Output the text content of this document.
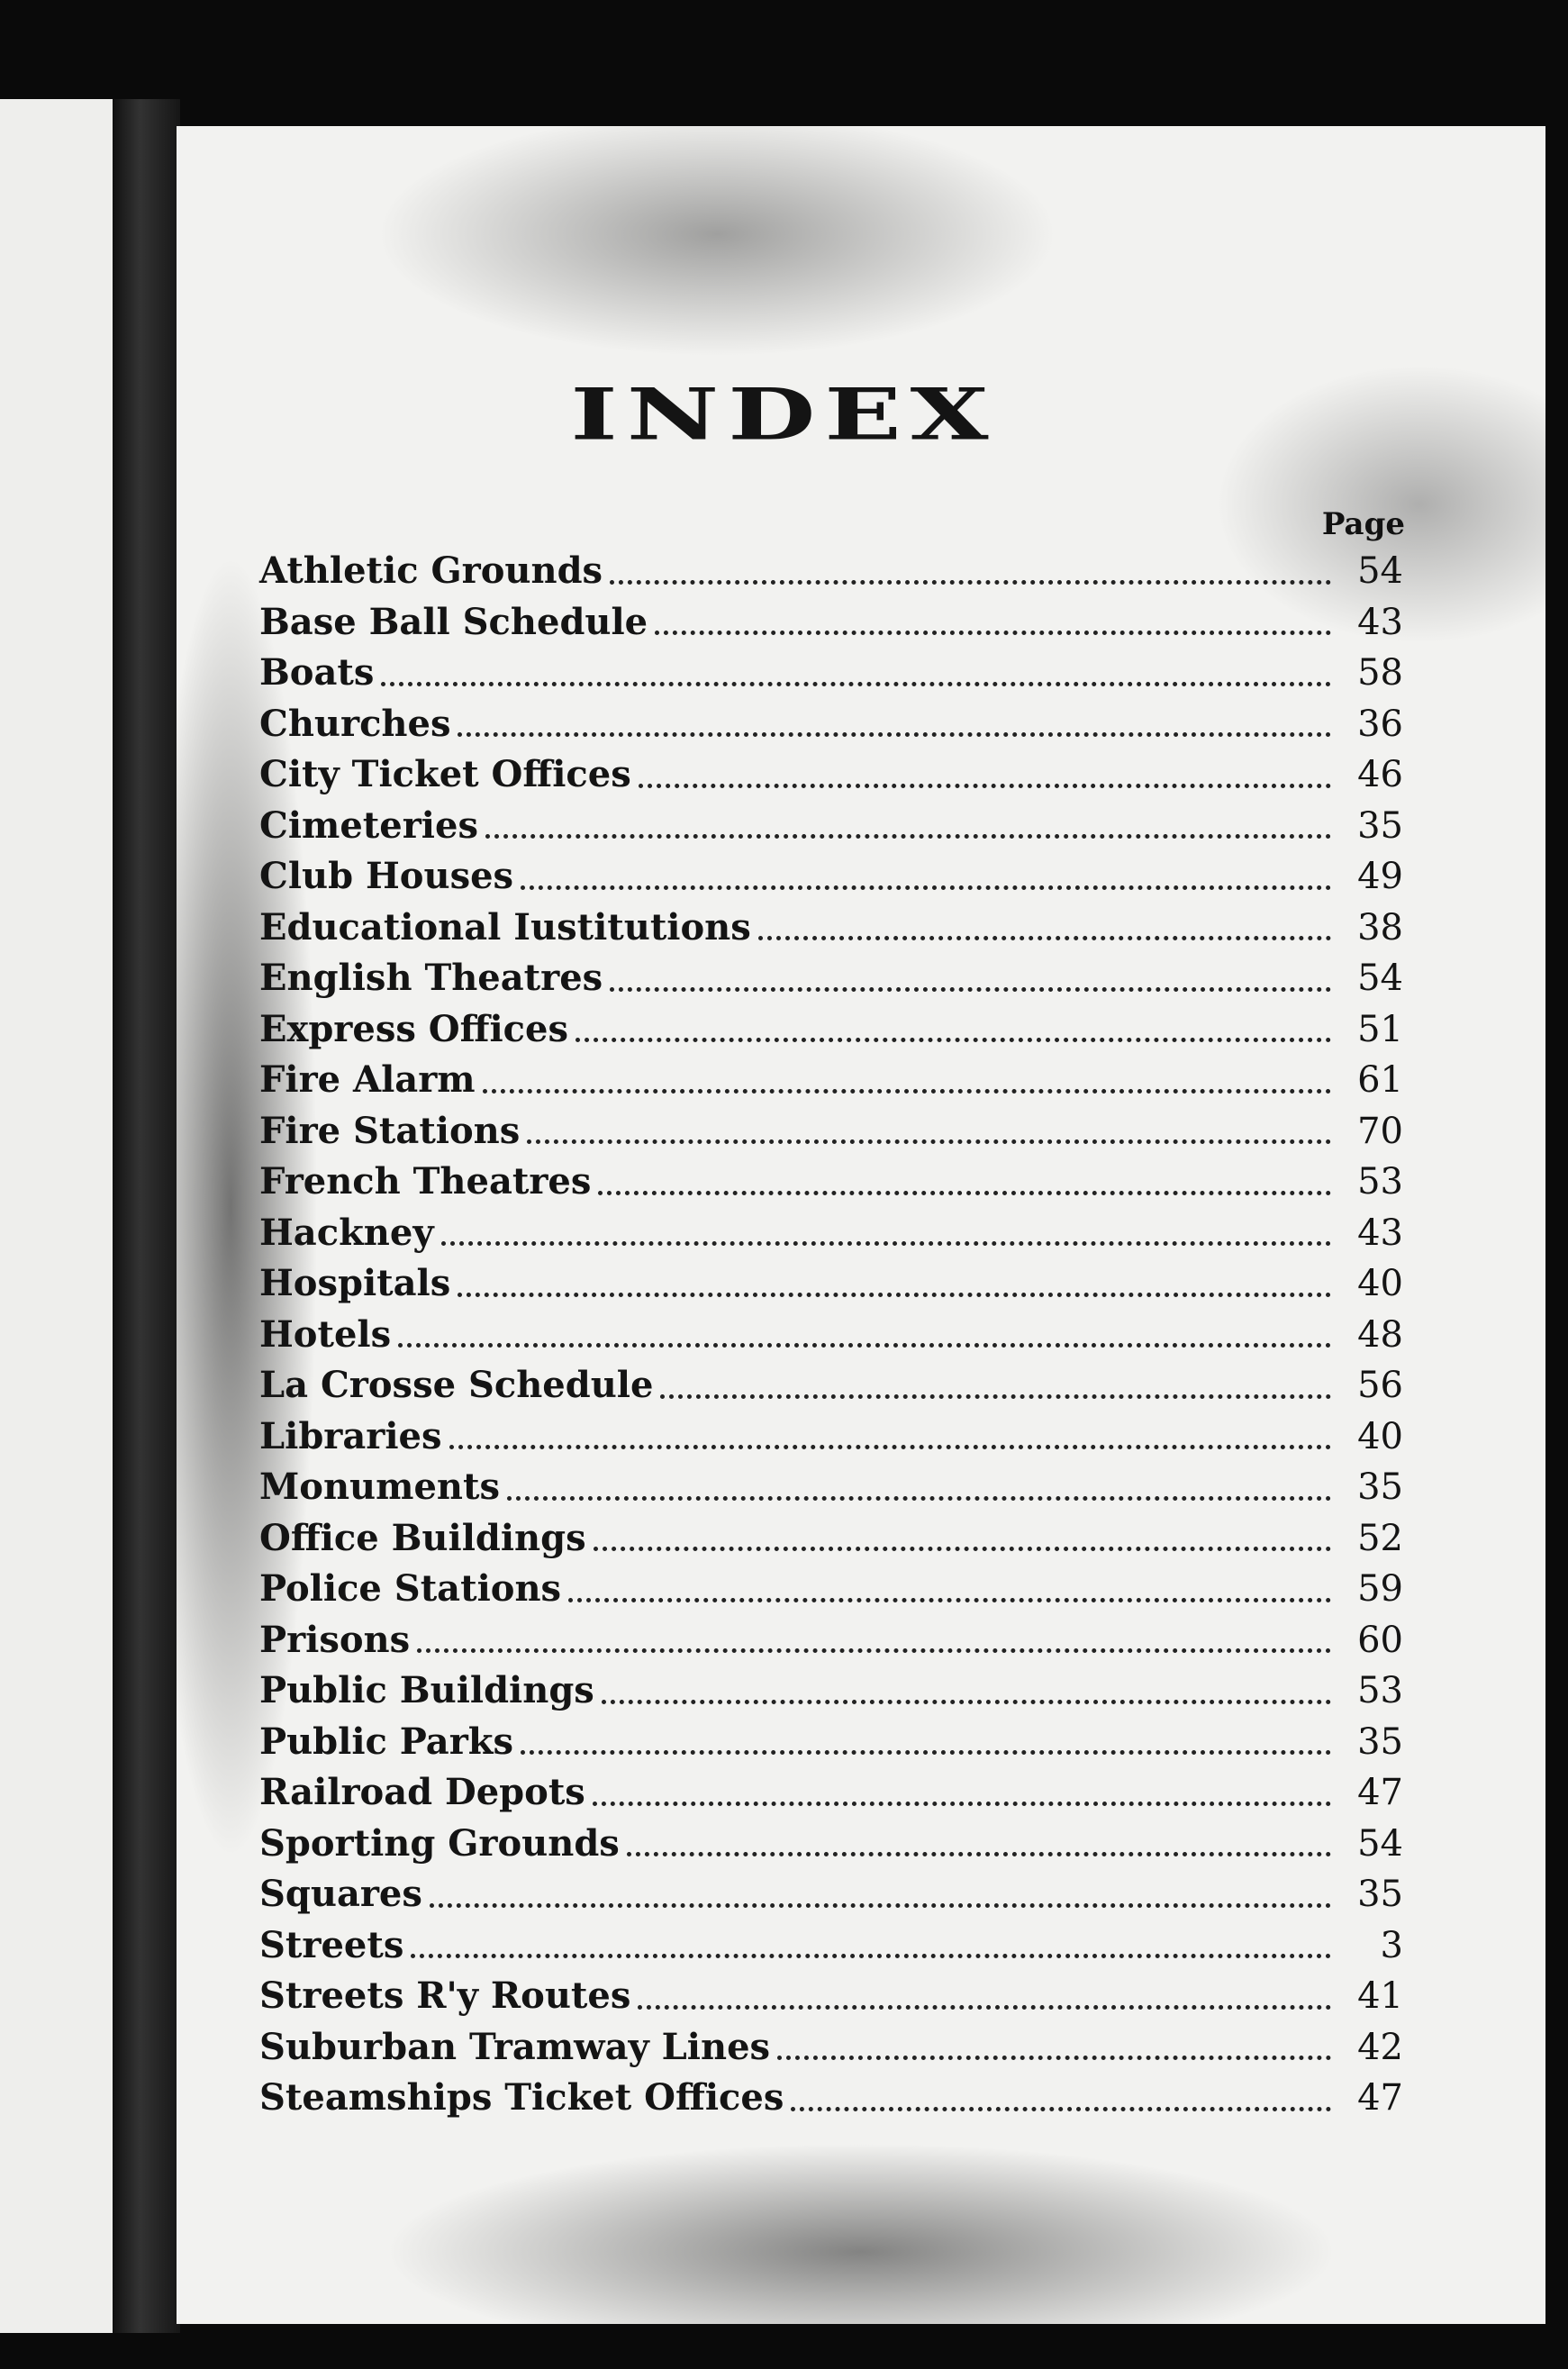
INDEX
Page
Athletic Grounds	54
Base Ball Schedule	43
Boats	58
Churches	36
City Ticket Offices	46
Cimeteries	35
Club Houses	49
Educational Iustitutions	38
English Theatres	54
Express Offices	51
Fire Alarm	61
Fire Stations	70
French Theatres	53
Hackney	43
Hospitals	40
Hotels	48
La Crosse Schedule	56
Libraries	40
Monuments	35
Office Buildings	52
Police Stations	59
Prisons	60
Public Buildings	53
Public Parks	35
Railroad Depots	47
Sporting Grounds	54
Squares	35
Streets	3
Streets R'y Routes	41
Suburban Tramway Lines	42
Steamships Ticket Offices	47
